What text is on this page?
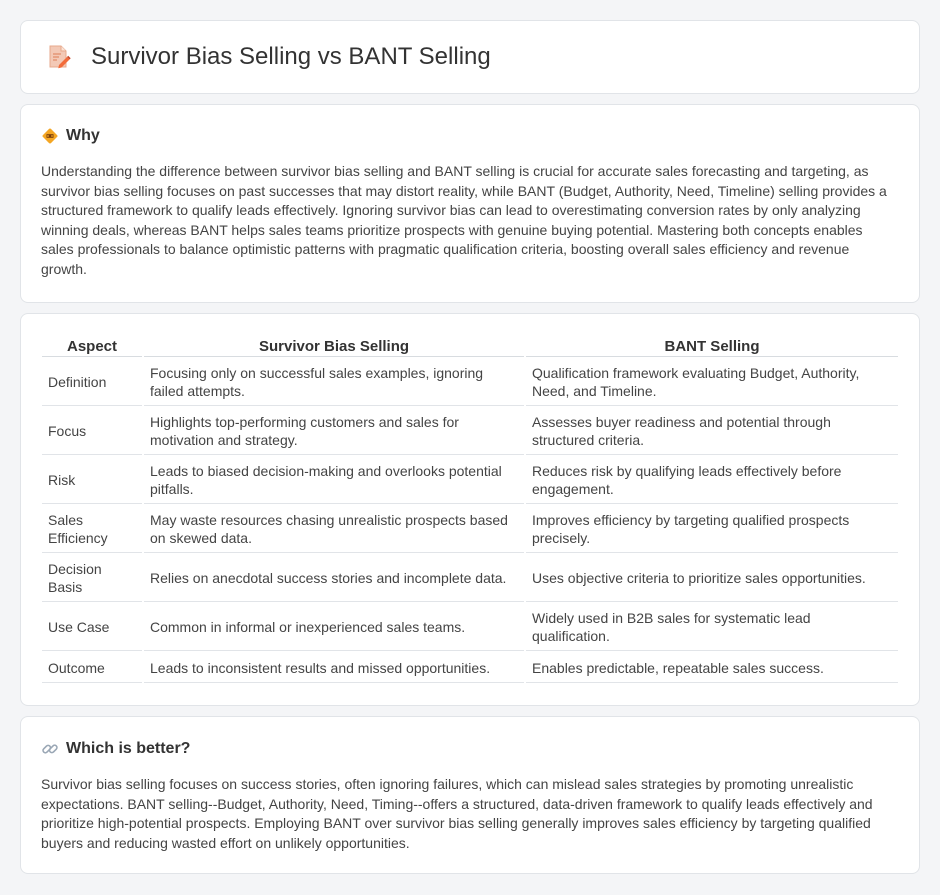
Survivor Bias Selling vs BANT Selling
Why

Understanding the difference between survivor bias selling and BANT selling is crucial for accurate sales forecasting and targeting, as survivor bias selling focuses on past successes that may distort reality, while BANT (Budget, Authority, Need, Timeline) selling provides a structured framework to qualify leads effectively. Ignoring survivor bias can lead to overestimating conversion rates by only analyzing winning deals, whereas BANT helps sales teams prioritize prospects with genuine buying potential. Mastering both concepts enables sales professionals to balance optimistic patterns with pragmatic qualification criteria, boosting overall sales efficiency and revenue growth.

Aspect	Survivor Bias Selling	BANT Selling
Definition	Focusing only on successful sales examples, ignoring failed attempts.	Qualification framework evaluating Budget, Authority, Need, and Timeline.
Focus	Highlights top-performing customers and sales for motivation and strategy.	Assesses buyer readiness and potential through structured criteria.
Risk	Leads to biased decision-making and overlooks potential pitfalls.	Reduces risk by qualifying leads effectively before engagement.
Sales Efficiency	May waste resources chasing unrealistic prospects based on skewed data.	Improves efficiency by targeting qualified prospects precisely.
Decision Basis	Relies on anecdotal success stories and incomplete data.	Uses objective criteria to prioritize sales opportunities.
Use Case	Common in informal or inexperienced sales teams.	Widely used in B2B sales for systematic lead qualification.
Outcome	Leads to inconsistent results and missed opportunities.	Enables predictable, repeatable sales success.
Which is better?

Survivor bias selling focuses on success stories, often ignoring failures, which can mislead sales strategies by promoting unrealistic expectations. BANT selling--Budget, Authority, Need, Timing--offers a structured, data-driven framework to qualify leads effectively and prioritize high-potential prospects. Employing BANT over survivor bias selling generally improves sales efficiency by targeting qualified buyers and reducing wasted effort on unlikely opportunities.
